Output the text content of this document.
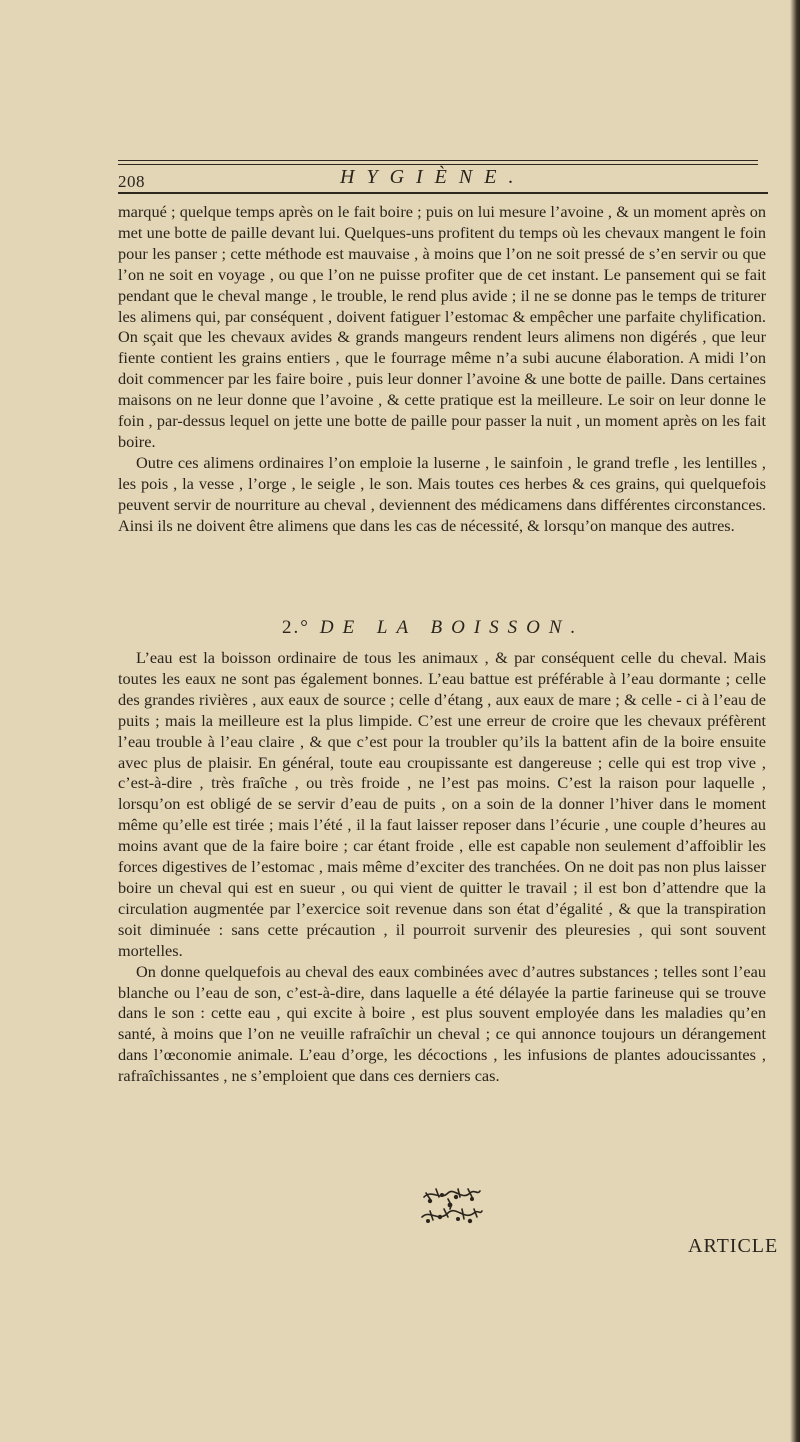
208	HYGIÈNE.

marqué ; quelque temps après on le fait boire ; puis on lui mesure l’avoine , & un moment après on met une botte de paille devant lui. Quelques-uns profitent du temps où les chevaux mangent le foin pour les panser ; cette méthode est mauvaise , à moins que l’on ne soit pressé de s’en servir ou que l’on ne soit en voyage , ou que l’on ne puisse profiter que de cet instant. Le pansement qui se fait pendant que le cheval mange , le trouble, le rend plus avide ; il ne se donne pas le temps de triturer les alimens qui, par conséquent , doivent fatiguer l’estomac & empêcher une parfaite chylification. On sçait que les chevaux avides & grands mangeurs rendent leurs alimens non digérés , que leur fiente contient les grains entiers , que le fourrage même n’a subi aucune élaboration. A midi l’on doit commencer par les faire boire , puis leur donner l’avoine & une botte de paille. Dans certaines maisons on ne leur donne que l’avoine , & cette pratique est la meilleure. Le soir on leur donne le foin , par-dessus lequel on jette une botte de paille pour passer la nuit , un moment après on les fait boire.

Outre ces alimens ordinaires l’on emploie la luserne , le sainfoin , le grand trefle , les lentilles , les pois , la vesse , l’orge , le seigle , le son. Mais toutes ces herbes & ces grains, qui quelquefois peuvent servir de nourriture au cheval , deviennent des médicamens dans différentes circonstances. Ainsi ils ne doivent être alimens que dans les cas de nécessité, & lorsqu’on manque des autres.

2.° DE LA BOISSON.

L’eau est la boisson ordinaire de tous les animaux , & par conséquent celle du cheval. Mais toutes les eaux ne sont pas également bonnes. L’eau battue est préférable à l’eau dormante ; celle des grandes rivières , aux eaux de source ; celle d’étang , aux eaux de mare ; & celle - ci à l’eau de puits ; mais la meilleure est la plus limpide. C’est une erreur de croire que les chevaux préfèrent l’eau trouble à l’eau claire , & que c’est pour la troubler qu’ils la battent afin de la boire ensuite avec plus de plaisir. En général, toute eau croupissante est dangereuse ; celle qui est trop vive , c’est-à-dire , très fraîche , ou très froide , ne l’est pas moins. C’est la raison pour laquelle , lorsqu’on est obligé de se servir d’eau de puits , on a soin de la donner l’hiver dans le moment même qu’elle est tirée ; mais l’été , il la faut laisser reposer dans l’écurie , une couple d’heures au moins avant que de la faire boire ; car étant froide , elle est capable non seulement d’affoiblir les forces digestives de l’estomac , mais même d’exciter des tranchées. On ne doit pas non plus laisser boire un cheval qui est en sueur , ou qui vient de quitter le travail ; il est bon d’attendre que la circulation augmentée par l’exercice soit revenue dans son état d’égalité , & que la transpiration soit diminuée : sans cette précaution , il pourroit survenir des pleuresies , qui sont souvent mortelles.

On donne quelquefois au cheval des eaux combinées avec d’autres substances ; telles sont l’eau blanche ou l’eau de son, c’est-à-dire, dans laquelle a été délayée la partie farineuse qui se trouve dans le son : cette eau , qui excite à boire , est plus souvent employée dans les maladies qu’en santé, à moins que l’on ne veuille rafraîchir un cheval ; ce qui annonce toujours un dérangement dans l’œconomie animale. L’eau d’orge, les décoctions , les infusions de plantes adoucissantes , rafraîchissantes , ne s’emploient que dans ces derniers cas.

ARTICLE
